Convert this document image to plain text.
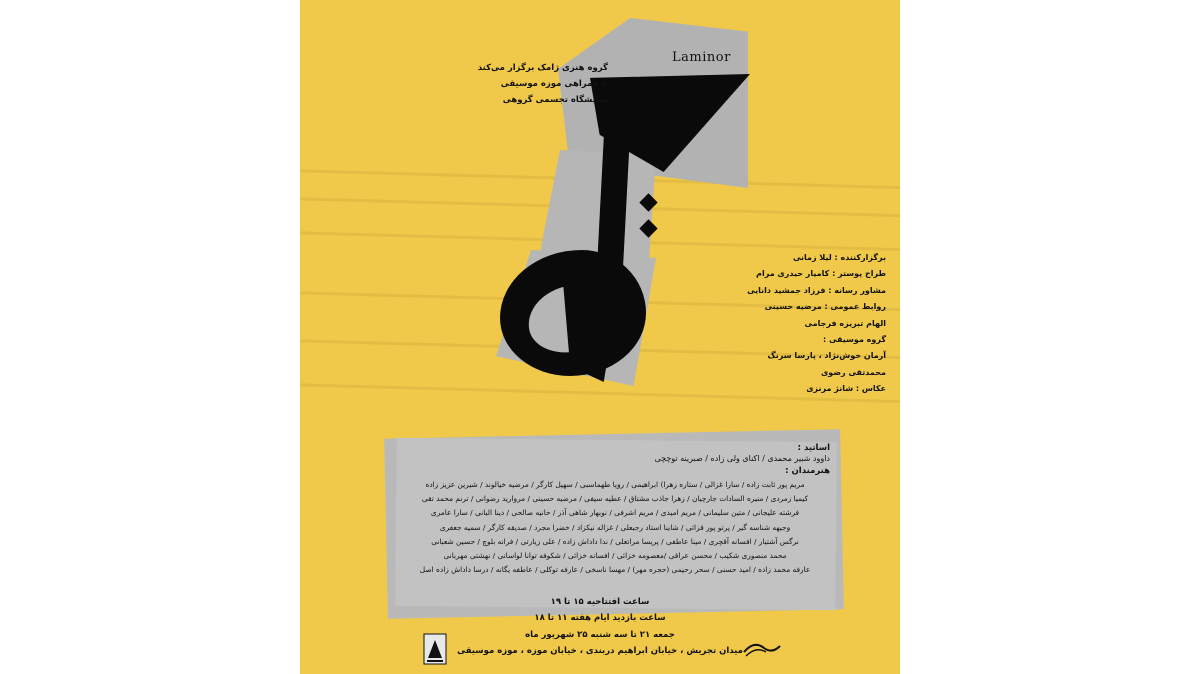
Laminor
گروه هنری ژامک برگزار می‌کند
با همراهی موزه موسیقی
نمایشگاه تجسمی گروهی
برگزارکننده : لیلا زمانی
طراح پوستر : کامیار حیدری مرام
مشاور رسانه : فرزاد جمشید دانایی
روابط عمومی : مرضیه حسینی
الهام تبریزه فرجامی
گروه موسیقی :
آرمان خوش‌نژاد ، پارسا سرنگ
محمدتقی رضوی
عکاس : شانژ مرنزی
اساتید :
داوود شبیر محمدی / اکنای ولی زاده / صبرینه توچچی
هنرمندان :
مریم پور ثابت زاده / سارا غزالی / ستاره زهرا) ابراهیمی / رویا طهماسبی / سهیل کارگر / مرضیه خیالوند / شیرین عزیز زاده
کیمیا زمردی / منیره السادات جارچیان / زهرا جاذب مشتاق / عطیه سیفی / مرضیه حسینی / مروارید رضوانی / ترنم محمد تقی
فرشته علیجانی / متین سلیمانی / مریم امیدی / مریم اشرفی / نوبهار شاهی آذر / حانیه صالحی / دینا البانی / سارا عامری
وجیهه شناسه گیر / پرتو پور قزائی / شاینا استاد رجبعلی / غزاله نیکزاد / خضرا مجرد / صدیقه کارگر / سمیه جعفری
نرگس آشتیار / افسانه آقچری / مینا عاطفی / پریسا مراتعلی / ندا داداش زاده / علی زیارتی / فرانه بلوچ / حسین شعبانی
محمد منصوری شکیب / محسن عراقی /معصومه خزائی / افسانه خزائی / شکوفه توانا لواسانی / نهشتی مهربانی
عارفه محمد زاده / امید حسنی / سحر رحیمی (حجره مهر) / مهسا ناسخی / عارفه توکلی / عاطفه یگانه / درسا داداش زاده اصل
ساعت افتتاحیه ۱۵ تا ۱۹
ساعت بازدید ایام هفته ۱۱ تا ۱۸
جمعه ۲۱ تا سه شنبه ۲۵ شهریور ماه
میدان تجریش ، خیابان ابراهیم دربندی ، خیابان موزه ، موزه موسیقی
